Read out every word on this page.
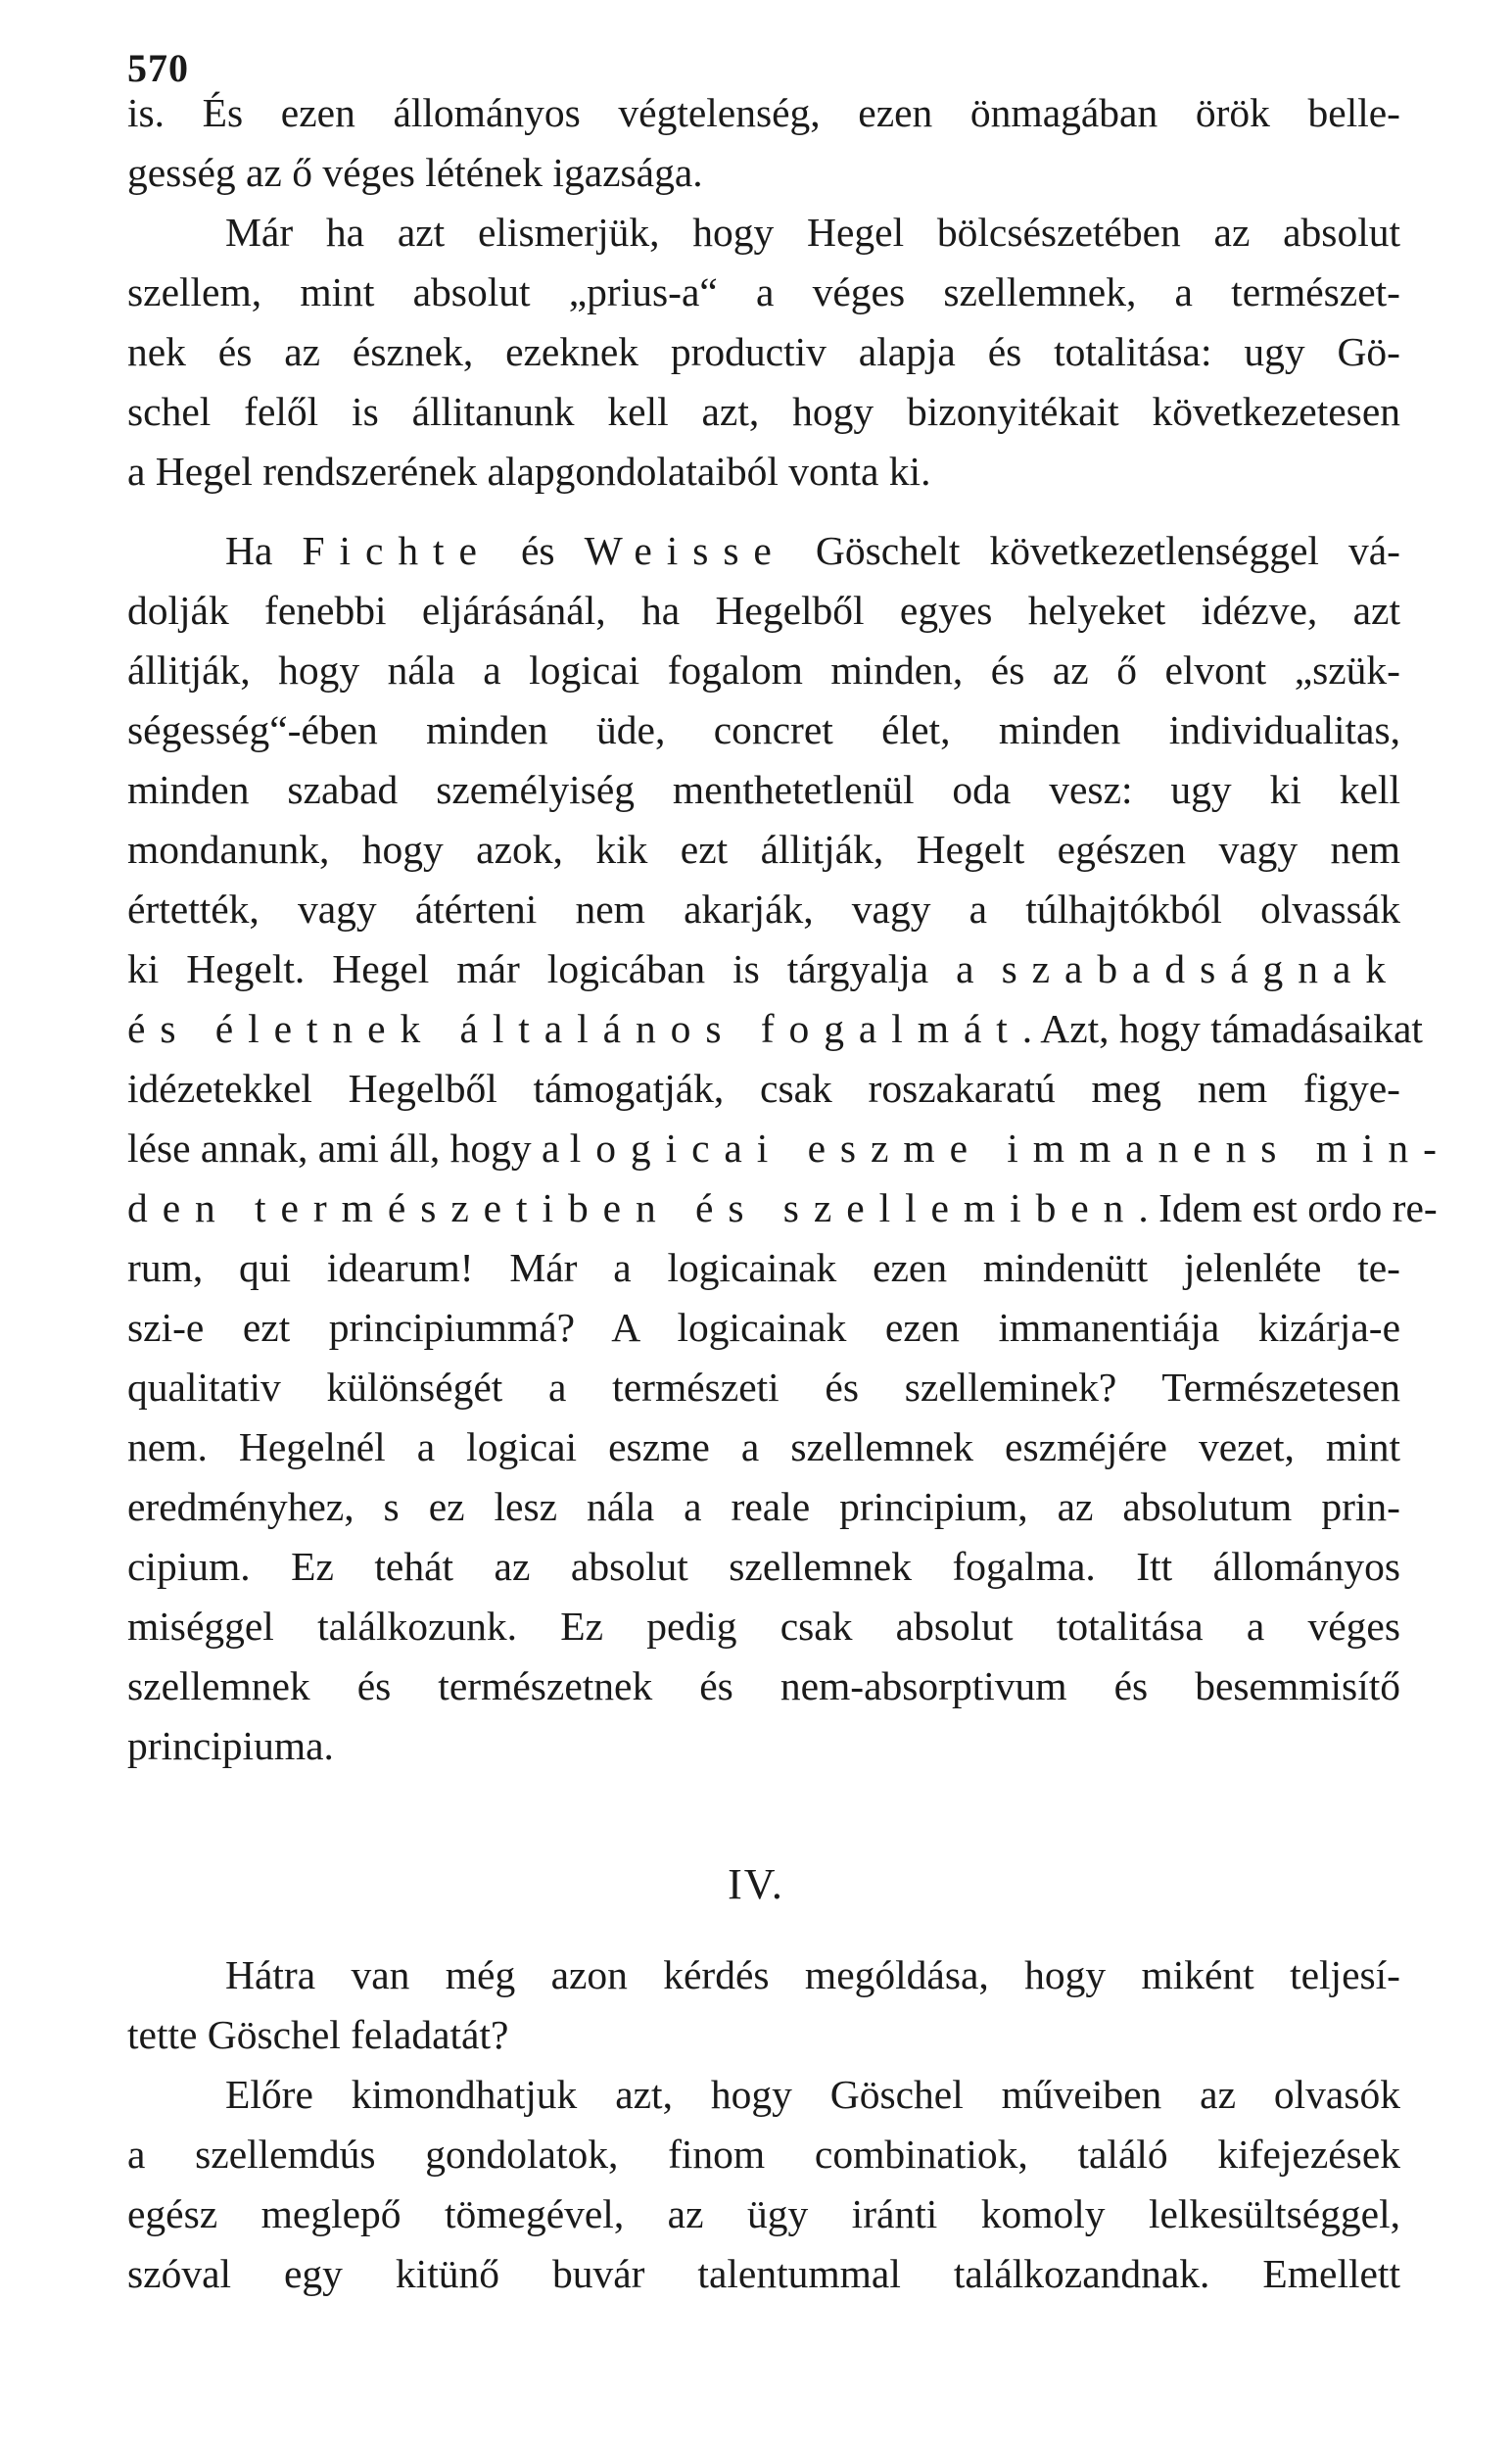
570
is. És ezen állományos végtelenség, ezen önmagában örök belle-
gesség az ő véges létének igazsága.
Már ha azt elismerjük, hogy Hegel bölcsészetében az absolut
szellem, mint absolut „prius-a“ a véges szellemnek, a természet-
nek és az észnek, ezeknek productiv alapja és totalitása: ugy Gö-
schel felől is állitanunk kell azt, hogy bizonyitékait következetesen
a Hegel rendszerének alapgondolataiból vonta ki.
Ha Fichte és Weisse Göschelt következetlenséggel vá-
dolják fenebbi eljárásánál, ha Hegelből egyes helyeket idézve, azt
állitják, hogy nála a logicai fogalom minden, és az ő elvont „szük-
ségesség“-ében minden üde, concret élet, minden individualitas,
minden szabad személyiség menthetetlenül oda vesz: ugy ki kell
mondanunk, hogy azok, kik ezt állitják, Hegelt egészen vagy nem
értették, vagy átérteni nem akarják, vagy a túlhajtókból olvassák
ki Hegelt. Hegel már logicában is tárgyalja a szabadságnak
és életnek általános fogalmát. Azt, hogy támadásaikat
idézetekkel Hegelből támogatják, csak roszakaratú meg nem figye-
lése annak, ami áll, hogy a logicai eszme immanens min-
den természetiben és szellemiben. Idem est ordo re-
rum, qui idearum! Már a logicainak ezen mindenütt jelenléte te-
szi-e ezt principiummá? A logicainak ezen immanentiája kizárja-e
qualitativ különségét a természeti és szelleminek? Természetesen
nem. Hegelnél a logicai eszme a szellemnek eszméjére vezet, mint
eredményhez, s ez lesz nála a reale principium, az absolutum prin-
cipium. Ez tehát az absolut szellemnek fogalma. Itt állományos
miséggel találkozunk. Ez pedig csak absolut totalitása a véges
szellemnek és természetnek és nem-absorptivum és besemmisítő
principiuma.
IV.
Hátra van még azon kérdés mególdása, hogy miként teljesí-
tette Göschel feladatát?
Előre kimondhatjuk azt, hogy Göschel műveiben az olvasók
a szellemdús gondolatok, finom combinatiok, találó kifejezések
egész meglepő tömegével, az ügy iránti komoly lelkesültséggel,
szóval egy kitünő buvár talentummal találkozandnak. Emellett
